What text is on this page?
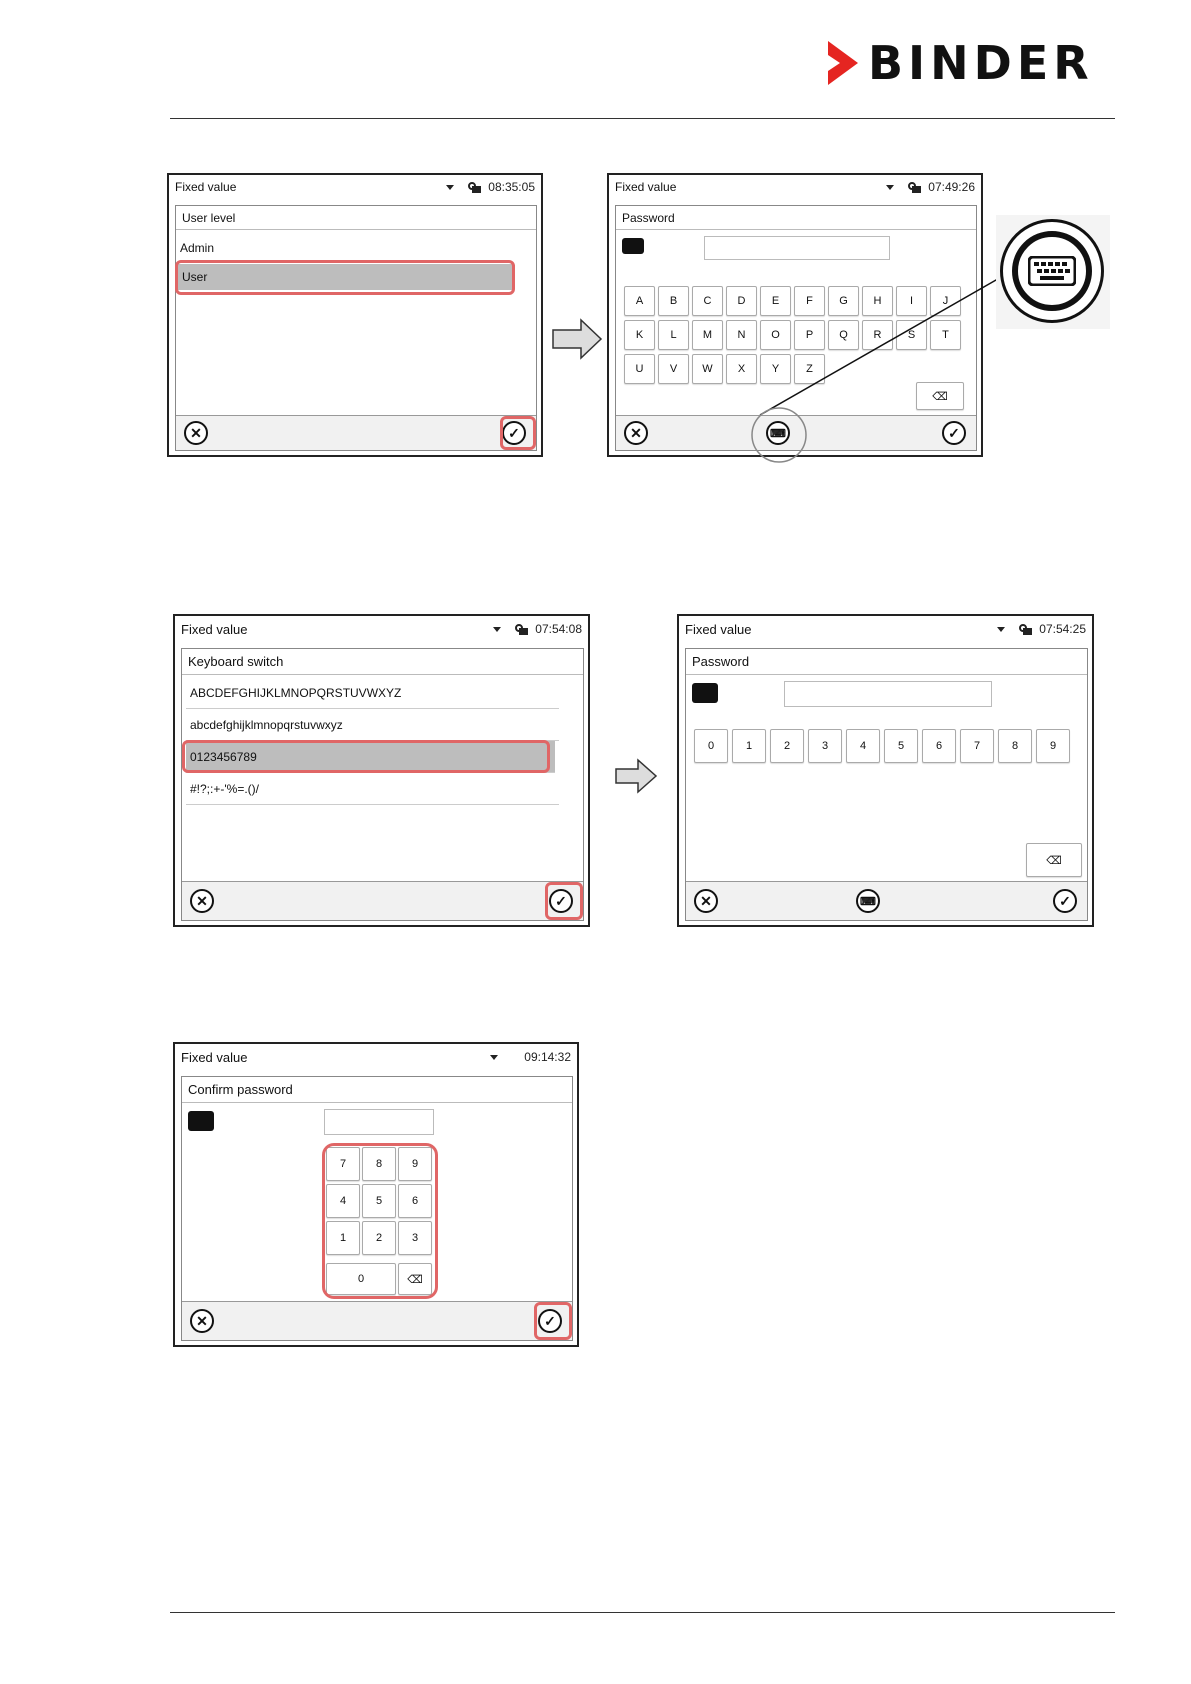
BINDER
Fixed value	08:35:05
User level
Admin
User
✕	✓
Fixed value	07:49:26
Password
A	B	C	D	E	F	G	H	I	J
K	L	M	N	O	P	Q	R	S	T
U	V	W	X	Y	Z
⌫
✕	⌨	✓
Fixed value	07:54:08
Keyboard switch
ABCDEFGHIJKLMNOPQRSTUVWXYZ
abcdefghijklmnopqrstuvwxyz
0123456789
#!?;:+-'%=.()/
✕	✓
Fixed value	07:54:25
Password
0	1	2	3	4	5	6	7	8	9
⌫
✕	⌨	✓
Fixed value	09:14:32
Confirm password
7	8	9
4	5	6
1	2	3
0	⌫
✕	✓
